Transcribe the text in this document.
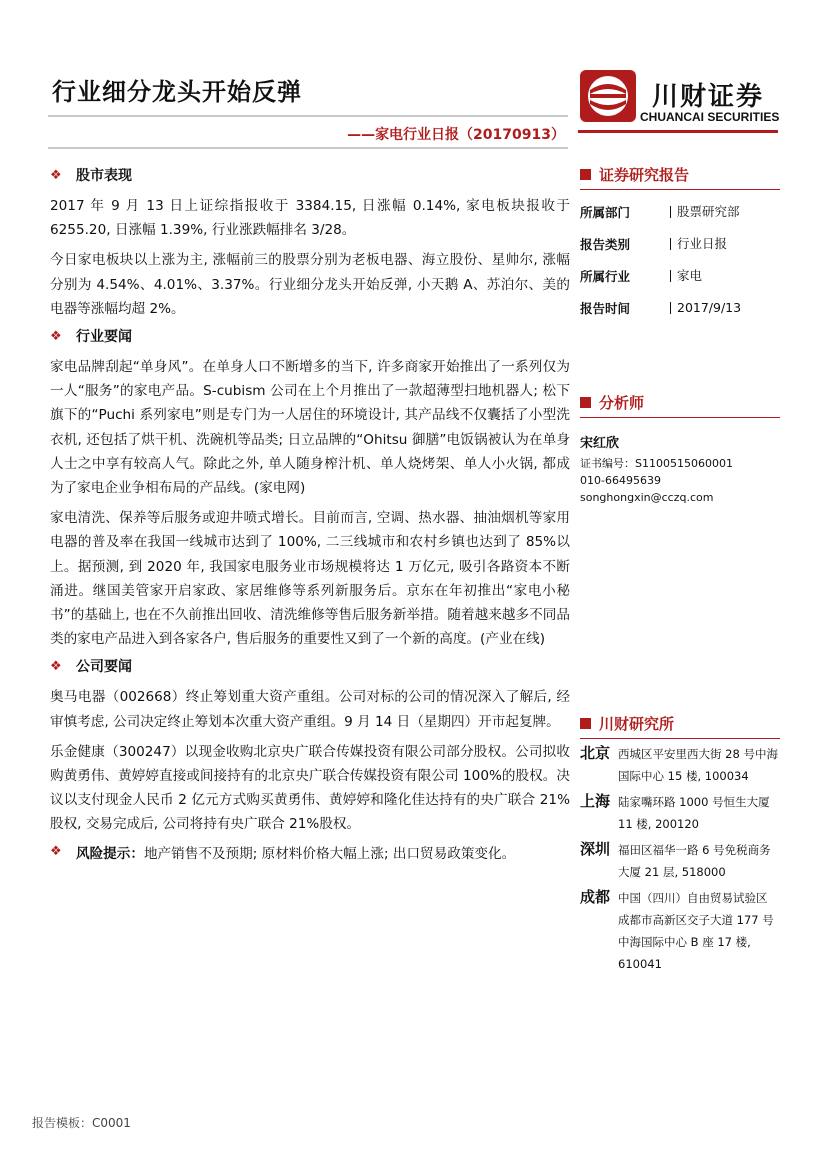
行业细分龙头开始反弹
——家电行业日报（20170913）
川财证券
CHUANCAI SECURITIES
❖	股市表现

2017 年 9 月 13 日上证综指报收于 3384.15, 日涨幅 0.14%, 家电板块报收于 6255.20, 日涨幅 1.39%, 行业涨跌幅排名 3/28。

今日家电板块以上涨为主, 涨幅前三的股票分别为老板电器、海立股份、星帅尔, 涨幅分别为 4.54%、4.01%、3.37%。行业细分龙头开始反弹, 小天鹅 A、苏泊尔、美的电器等涨幅均超 2%。

❖	行业要闻

家电品牌刮起“单身风”。在单身人口不断增多的当下, 许多商家开始推出了一系列仅为一人“服务”的家电产品。S-cubism 公司在上个月推出了一款超薄型扫地机器人; 松下旗下的“Puchi 系列家电”则是专门为一人居住的环境设计, 其产品线不仅囊括了小型洗衣机, 还包括了烘干机、洗碗机等品类; 日立品牌的“Ohitsu 御膳”电饭锅被认为在单身人士之中享有较高人气。除此之外, 单人随身榨汁机、单人烧烤架、单人小火锅, 都成为了家电企业争相布局的产品线。(家电网)

家电清洗、保养等后服务或迎井喷式增长。目前而言, 空调、热水器、抽油烟机等家用电器的普及率在我国一线城市达到了 100%, 二三线城市和农村乡镇也达到了 85%以上。据预测, 到 2020 年, 我国家电服务业市场规模将达 1 万亿元, 吸引各路资本不断涌进。继国美管家开启家政、家居维修等系列新服务后。京东在年初推出“家电小秘书”的基础上, 也在不久前推出回收、清洗维修等售后服务新举措。随着越来越多不同品类的家电产品进入到各家各户, 售后服务的重要性又到了一个新的高度。(产业在线)

❖	公司要闻

奥马电器（002668）终止筹划重大资产重组。公司对标的公司的情况深入了解后, 经审慎考虑, 公司决定终止筹划本次重大资产重组。9 月 14 日（星期四）开市起复牌。

乐金健康（300247）以现金收购北京央广联合传媒投资有限公司部分股权。公司拟收购黄勇伟、黄婷婷直接或间接持有的北京央广联合传媒投资有限公司 100%的股权。决议以支付现金人民币 2 亿元方式购买黄勇伟、黄婷婷和隆化佳达持有的央广联合 21%股权, 交易完成后, 公司将持有央广联合 21%股权。

❖	风险提示： 地产销售不及预期; 原材料价格大幅上涨; 出口贸易政策变化。
证券研究报告
所属部门	股票研究部
报告类别	行业日报
所属行业	家电
报告时间	2017/9/13
分析师
宋红欣
证书编号：S1100515060001
010-66495639
songhongxin@cczq.com
川财研究所
北京 西城区平安里西大街 28 号中海国际中心 15 楼, 100034
上海 陆家嘴环路 1000 号恒生大厦 11 楼, 200120
深圳 福田区福华一路 6 号免税商务大厦 21 层, 518000
成都 中国（四川）自由贸易试验区成都市高新区交子大道 177 号中海国际中心 B 座 17 楼, 610041
报告模板：C0001
